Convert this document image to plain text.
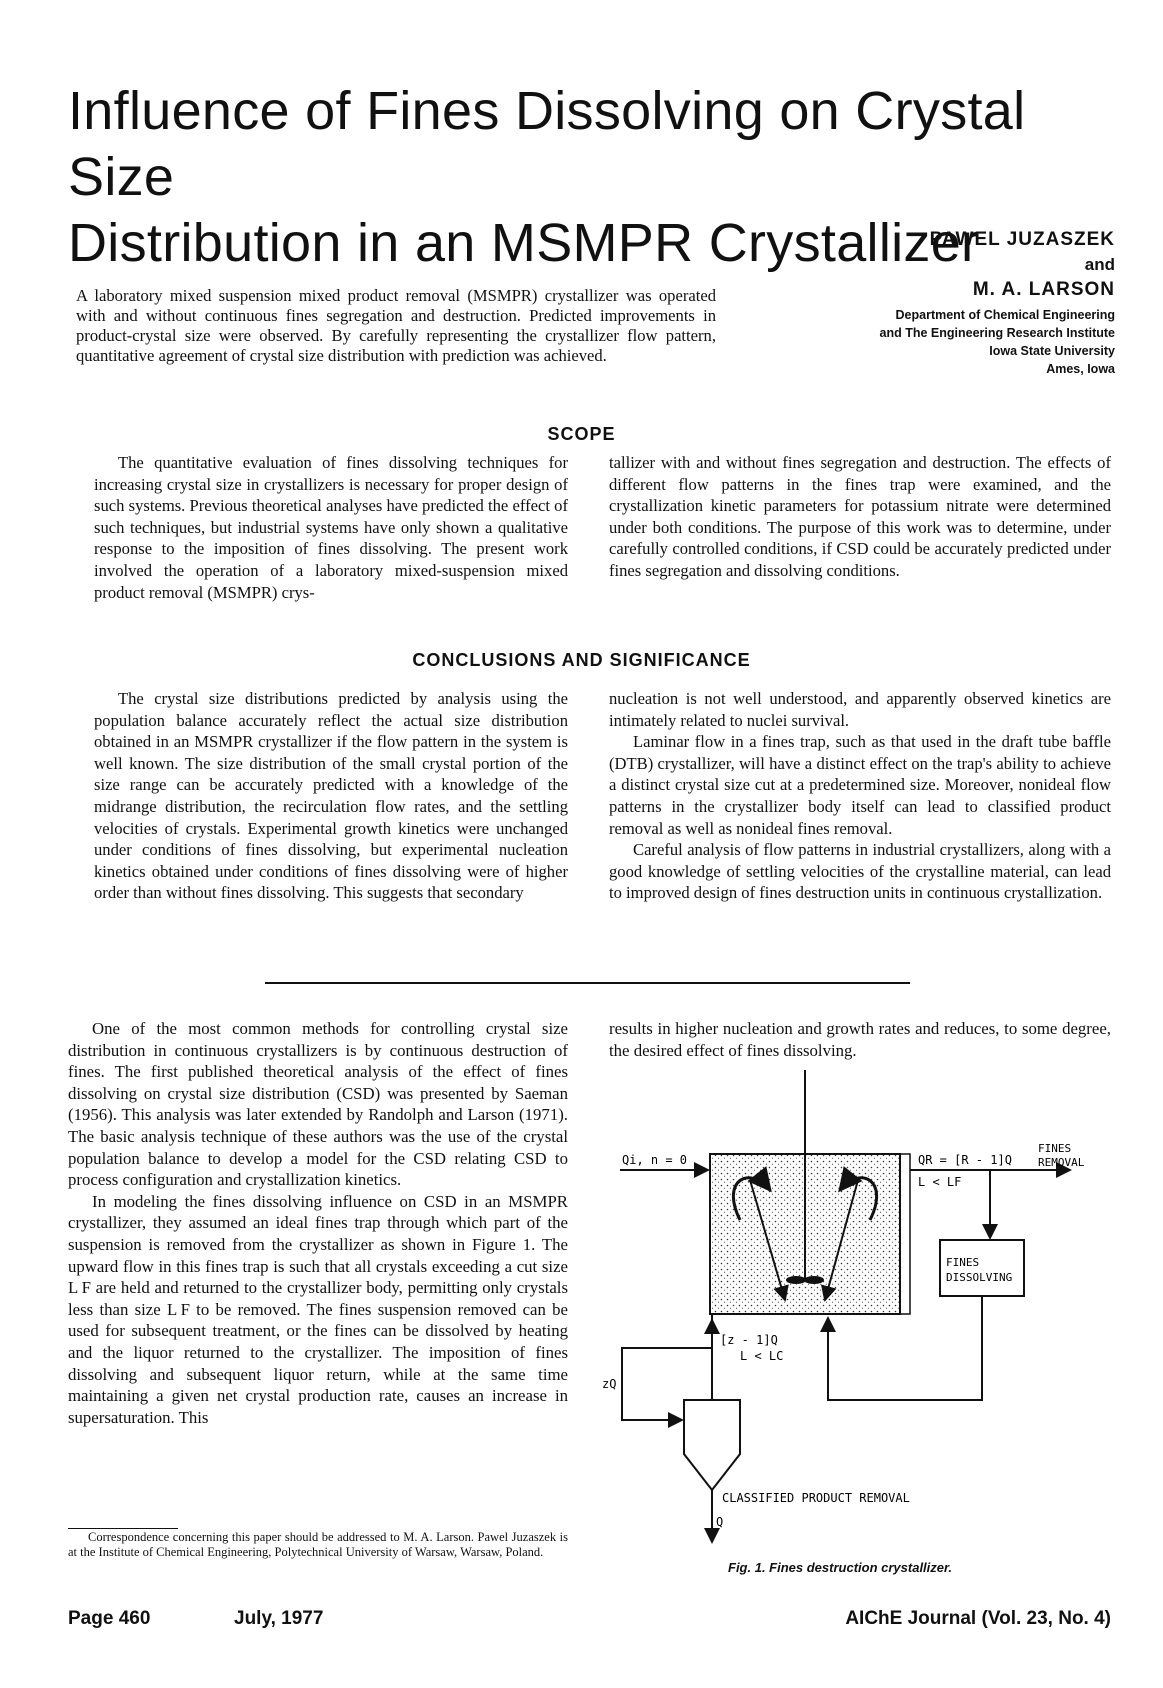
Influence of Fines Dissolving on Crystal Size
Distribution in an MSMPR Crystallizer
PAWEL JUZASZEK
and
M. A. LARSON
Department of Chemical Engineering
and The Engineering Research Institute
Iowa State University
Ames, Iowa
A laboratory mixed suspension mixed product removal (MSMPR) crystallizer was operated with and without continuous fines segregation and destruction. Predicted improvements in product-crystal size were observed. By carefully representing the crystallizer flow pattern, quantitative agreement of crystal size distribution with prediction was achieved.
SCOPE

The quantitative evaluation of fines dissolving techniques for increasing crystal size in crystallizers is necessary for proper design of such systems. Previous theoretical analyses have predicted the effect of such techniques, but industrial systems have only shown a qualitative response to the imposition of fines dissolving. The present work involved the operation of a laboratory mixed-suspension mixed product removal (MSMPR) crys-

tallizer with and without fines segregation and destruction. The effects of different flow patterns in the fines trap were examined, and the crystallization kinetic parameters for potassium nitrate were determined under both conditions. The purpose of this work was to determine, under carefully controlled conditions, if CSD could be accurately predicted under fines segregation and dissolving conditions.

CONCLUSIONS AND SIGNIFICANCE

The crystal size distributions predicted by analysis using the population balance accurately reflect the actual size distribution obtained in an MSMPR crystallizer if the flow pattern in the system is well known. The size distribution of the small crystal portion of the size range can be accurately predicted with a knowledge of the midrange distribution, the recirculation flow rates, and the settling velocities of crystals. Experimental growth kinetics were unchanged under conditions of fines dissolving, but experimental nucleation kinetics obtained under conditions of fines dissolving were of higher order than without fines dissolving. This suggests that secondary

nucleation is not well understood, and apparently observed kinetics are intimately related to nuclei survival.

Laminar flow in a fines trap, such as that used in the draft tube baffle (DTB) crystallizer, will have a distinct effect on the trap's ability to achieve a distinct crystal size cut at a predetermined size. Moreover, nonideal flow patterns in the crystallizer body itself can lead to classified product removal as well as nonideal fines removal.

Careful analysis of flow patterns in industrial crystallizers, along with a good knowledge of settling velocities of the crystalline material, can lead to improved design of fines destruction units in continuous crystallization.

One of the most common methods for controlling crystal size distribution in continuous crystallizers is by continuous destruction of fines. The first published theoretical analysis of the effect of fines dissolving on crystal size distribution (CSD) was presented by Saeman (1956). This analysis was later extended by Randolph and Larson (1971). The basic analysis technique of these authors was the use of the crystal population balance to develop a model for the CSD relating CSD to process configuration and crystallization kinetics.

In modeling the fines dissolving influence on CSD in an MSMPR crystallizer, they assumed an ideal fines trap through which part of the suspension is removed from the crystallizer as shown in Figure 1. The upward flow in this fines trap is such that all crystals exceeding a cut size L F are held and returned to the crystallizer body, permitting only crystals less than size L F to be removed. The fines suspension removed can be used for subsequent treatment, or the fines can be dissolved by heating and the liquor returned to the crystallizer. The imposition of fines dissolving and subsequent liquor return, while at the same time maintaining a given net crystal production rate, causes an increase in supersaturation. This

results in higher nucleation and growth rates and reduces, to some degree, the desired effect of fines dissolving.

Qi, n = 0	QR = [R - 1]Q
L < LF
FINES
REMOVAL
FINES
DISSOLVING
zQ
[z - 1]Q
L < LC
CLASSIFIED PRODUCT REMOVAL
Q
Fig. 1. Fines destruction crystallizer.
Correspondence concerning this paper should be addressed to M. A. Larson. Pawel Juzaszek is at the Institute of Chemical Engineering, Polytechnical University of Warsaw, Warsaw, Poland.
Page 460	July, 1977	AIChE Journal (Vol. 23, No. 4)
